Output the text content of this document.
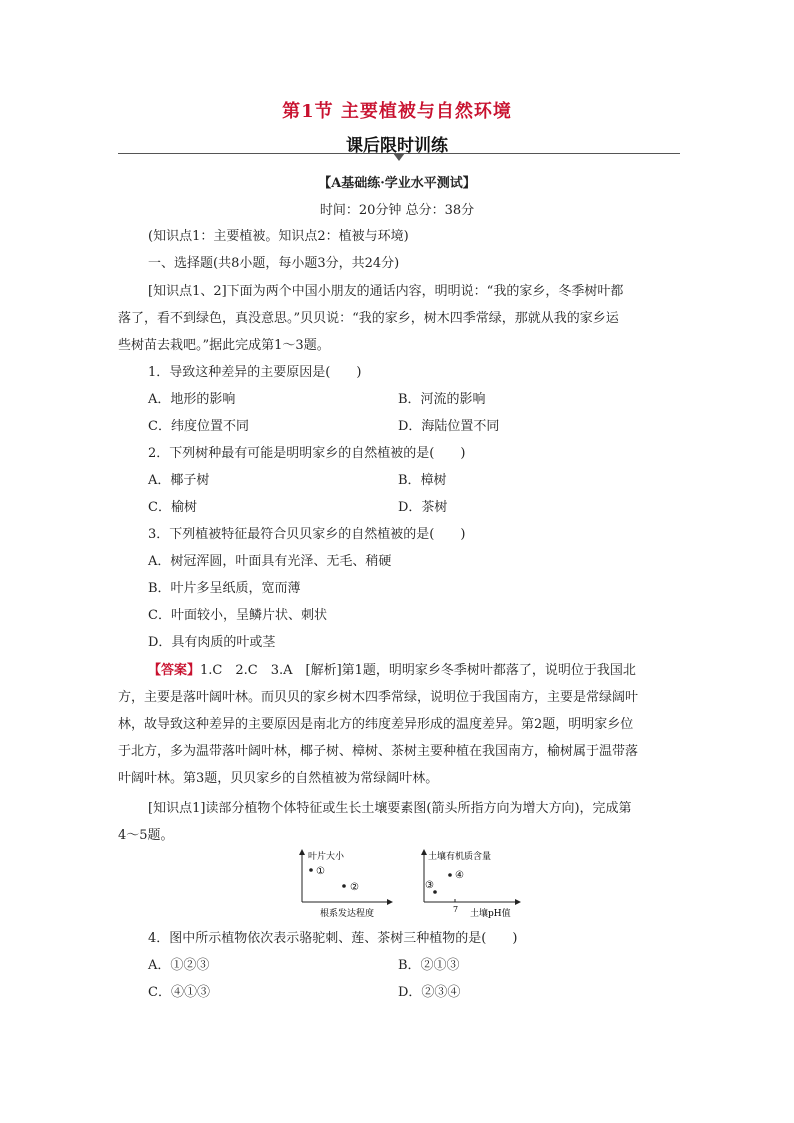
第1节 主要植被与自然环境
课后限时训练
【A基础练·学业水平测试】
时间：20分钟 总分：38分
(知识点1：主要植被。知识点2：植被与环境)
一、选择题(共8小题，每小题3分，共24分)
[知识点1、2]下面为两个中国小朋友的通话内容，明明说：“我的家乡，冬季树叶都
落了，看不到绿色，真没意思。”贝贝说：“我的家乡，树木四季常绿，那就从我的家乡运
些树苗去栽吧。”据此完成第1～3题。
1．导致这种差异的主要原因是(　　)
A．地形的影响	B．河流的影响
C．纬度位置不同	D．海陆位置不同
2．下列树种最有可能是明明家乡的自然植被的是(　　)
A．椰子树	B．樟树
C．榆树	D．茶树
3．下列植被特征最符合贝贝家乡的自然植被的是(　　)
A．树冠浑圆，叶面具有光泽、无毛、稍硬
B．叶片多呈纸质，宽而薄
C．叶面较小，呈鳞片状、刺状
D．具有肉质的叶或茎
【答案】1.C　2.C　3.A　[解析]第1题，明明家乡冬季树叶都落了，说明位于我国北
方，主要是落叶阔叶林。而贝贝的家乡树木四季常绿，说明位于我国南方，主要是常绿阔叶
林，故导致这种差异的主要原因是南北方的纬度差异形成的温度差异。第2题，明明家乡位
于北方，多为温带落叶阔叶林，椰子树、樟树、茶树主要种植在我国南方，榆树属于温带落
叶阔叶林。第3题，贝贝家乡的自然植被为常绿阔叶林。
[知识点1]读部分植物个体特征或生长土壤要素图(箭头所指方向为增大方向)，完成第
4～5题。
叶片大小
①
②
根系发达程度
土壤有机质含量
③
④
7 土壤pH值
4．图中所示植物依次表示骆驼刺、莲、茶树三种植物的是(　　)
A．①②③	B．②①③
C．④①③	D．②③④
